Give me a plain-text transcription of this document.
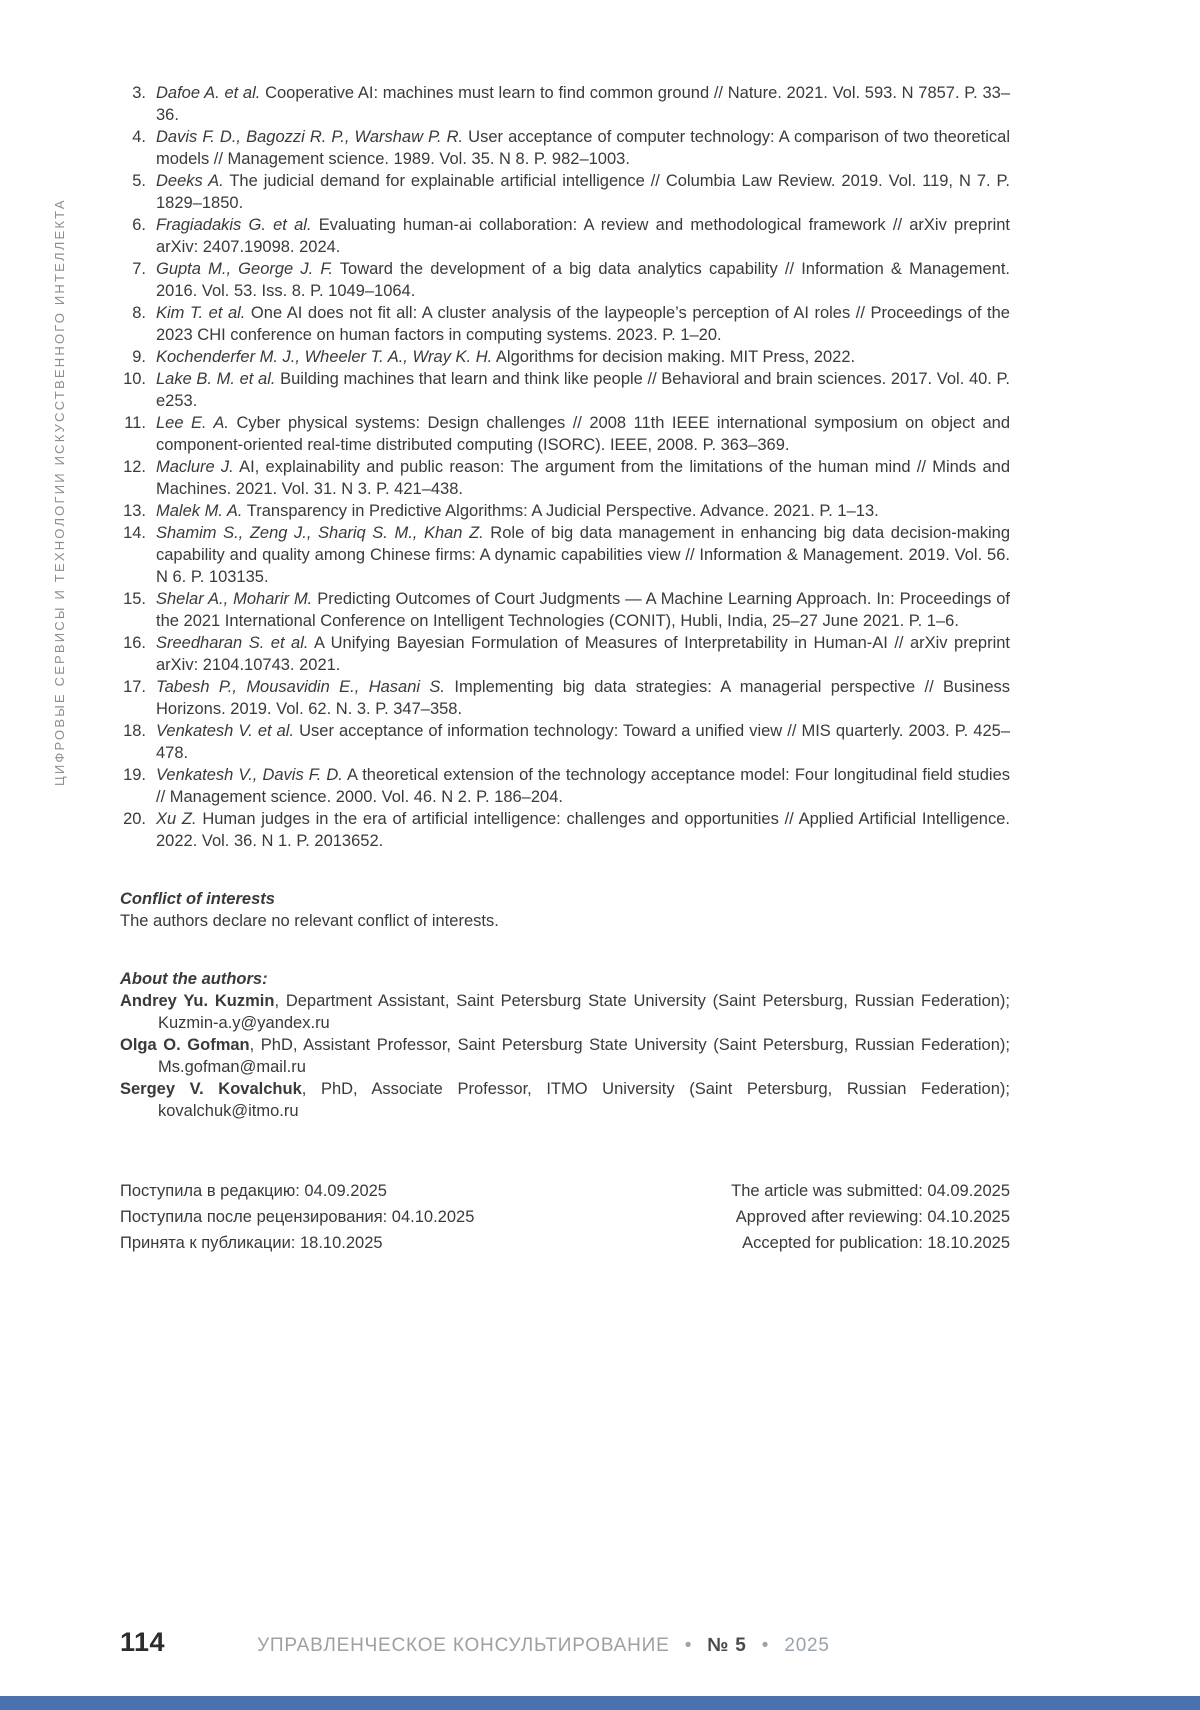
ЦИФРОВЫЕ СЕРВИСЫ И ТЕХНОЛОГИИ ИСКУССТВЕННОГО ИНТЕЛЛЕКТА
3. Dafoe A. et al. Cooperative AI: machines must learn to find common ground // Nature. 2021. Vol. 593. N 7857. P. 33–36.
4. Davis F. D., Bagozzi R. P., Warshaw P. R. User acceptance of computer technology: A comparison of two theoretical models // Management science. 1989. Vol. 35. N 8. P. 982–1003.
5. Deeks A. The judicial demand for explainable artificial intelligence // Columbia Law Review. 2019. Vol. 119, N 7. P. 1829–1850.
6. Fragiadakis G. et al. Evaluating human-ai collaboration: A review and methodological framework // arXiv preprint arXiv: 2407.19098. 2024.
7. Gupta M., George J. F. Toward the development of a big data analytics capability // Information & Management. 2016. Vol. 53. Iss. 8. P. 1049–1064.
8. Kim T. et al. One AI does not fit all: A cluster analysis of the laypeople’s perception of AI roles // Proceedings of the 2023 CHI conference on human factors in computing systems. 2023. P. 1–20.
9. Kochenderfer M. J., Wheeler T. A., Wray K. H. Algorithms for decision making. MIT Press, 2022.
10. Lake B. M. et al. Building machines that learn and think like people // Behavioral and brain sciences. 2017. Vol. 40. P. e253.
11. Lee E. A. Cyber physical systems: Design challenges // 2008 11th IEEE international symposium on object and component-oriented real-time distributed computing (ISORC). IEEE, 2008. P. 363–369.
12. Maclure J. AI, explainability and public reason: The argument from the limitations of the human mind // Minds and Machines. 2021. Vol. 31. N 3. P. 421–438.
13. Malek M. A. Transparency in Predictive Algorithms: A Judicial Perspective. Advance. 2021. P. 1–13.
14. Shamim S., Zeng J., Shariq S. M., Khan Z. Role of big data management in enhancing big data decision-making capability and quality among Chinese firms: A dynamic capabilities view // Information & Management. 2019. Vol. 56. N 6. P. 103135.
15. Shelar A., Moharir M. Predicting Outcomes of Court Judgments — A Machine Learning Approach. In: Proceedings of the 2021 International Conference on Intelligent Technologies (CONIT), Hubli, India, 25–27 June 2021. P. 1–6.
16. Sreedharan S. et al. A Unifying Bayesian Formulation of Measures of Interpretability in Human-AI // arXiv preprint arXiv: 2104.10743. 2021.
17. Tabesh P., Mousavidin E., Hasani S. Implementing big data strategies: A managerial perspective // Business Horizons. 2019. Vol. 62. N. 3. P. 347–358.
18. Venkatesh V. et al. User acceptance of information technology: Toward a unified view // MIS quarterly. 2003. P. 425–478.
19. Venkatesh V., Davis F. D. A theoretical extension of the technology acceptance model: Four longitudinal field studies // Management science. 2000. Vol. 46. N 2. P. 186–204.
20. Xu Z. Human judges in the era of artificial intelligence: challenges and opportunities // Applied Artificial Intelligence. 2022. Vol. 36. N 1. P. 2013652.
Conflict of interests
The authors declare no relevant conflict of interests.
About the authors:
Andrey Yu. Kuzmin, Department Assistant, Saint Petersburg State University (Saint Petersburg, Russian Federation); Kuzmin-a.y@yandex.ru
Olga O. Gofman, PhD, Assistant Professor, Saint Petersburg State University (Saint Petersburg, Russian Federation); Ms.gofman@mail.ru
Sergey V. Kovalchuk, PhD, Associate Professor, ITMO University (Saint Petersburg, Russian Federation); kovalchuk@itmo.ru
Поступила в редакцию: 04.09.2025
Поступила после рецензирования: 04.10.2025
Принята к публикации: 18.10.2025
The article was submitted: 04.09.2025
Approved after reviewing: 04.10.2025
Accepted for publication: 18.10.2025
114	УПРАВЛЕНЧЕСКОЕ КОНСУЛЬТИРОВАНИЕ • № 5 • 2025
